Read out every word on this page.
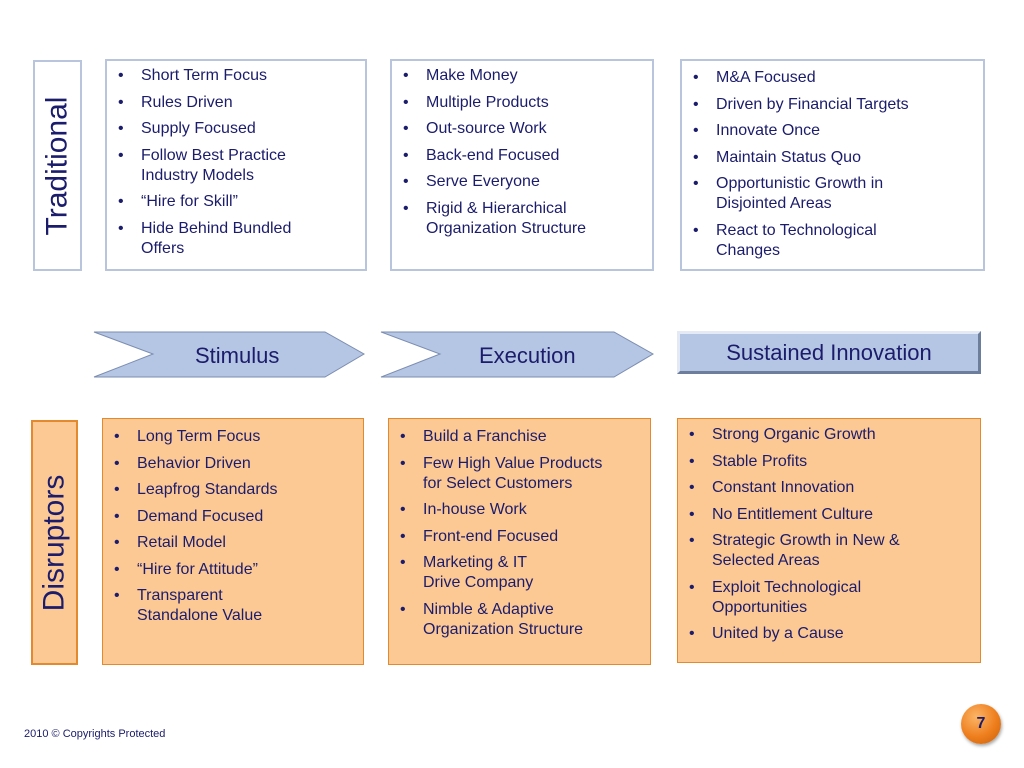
Traditional
Disruptors
• Short Term Focus
• Rules Driven
• Supply Focused
• Follow Best Practice Industry Models
• “Hire for Skill”
• Hide Behind Bundled Offers
• Make Money
• Multiple Products
• Out-source Work
• Back-end Focused
• Serve Everyone
• Rigid & Hierarchical Organization Structure
• M&A Focused
• Driven by Financial Targets
• Innovate Once
• Maintain Status Quo
• Opportunistic Growth in Disjointed Areas
• React to Technological Changes
Stimulus	Execution	Sustained Innovation
• Long Term Focus
• Behavior Driven
• Leapfrog Standards
• Demand Focused
• Retail Model
• “Hire for Attitude”
• Transparent Standalone Value
• Build a Franchise
• Few High Value Products for Select Customers
• In-house Work
• Front-end Focused
• Marketing & IT Drive Company
• Nimble & Adaptive Organization Structure
• Strong Organic Growth
• Stable Profits
• Constant Innovation
• No Entitlement Culture
• Strategic Growth in New & Selected Areas
• Exploit Technological Opportunities
• United by a Cause
2010 © Copyrights Protected
7
